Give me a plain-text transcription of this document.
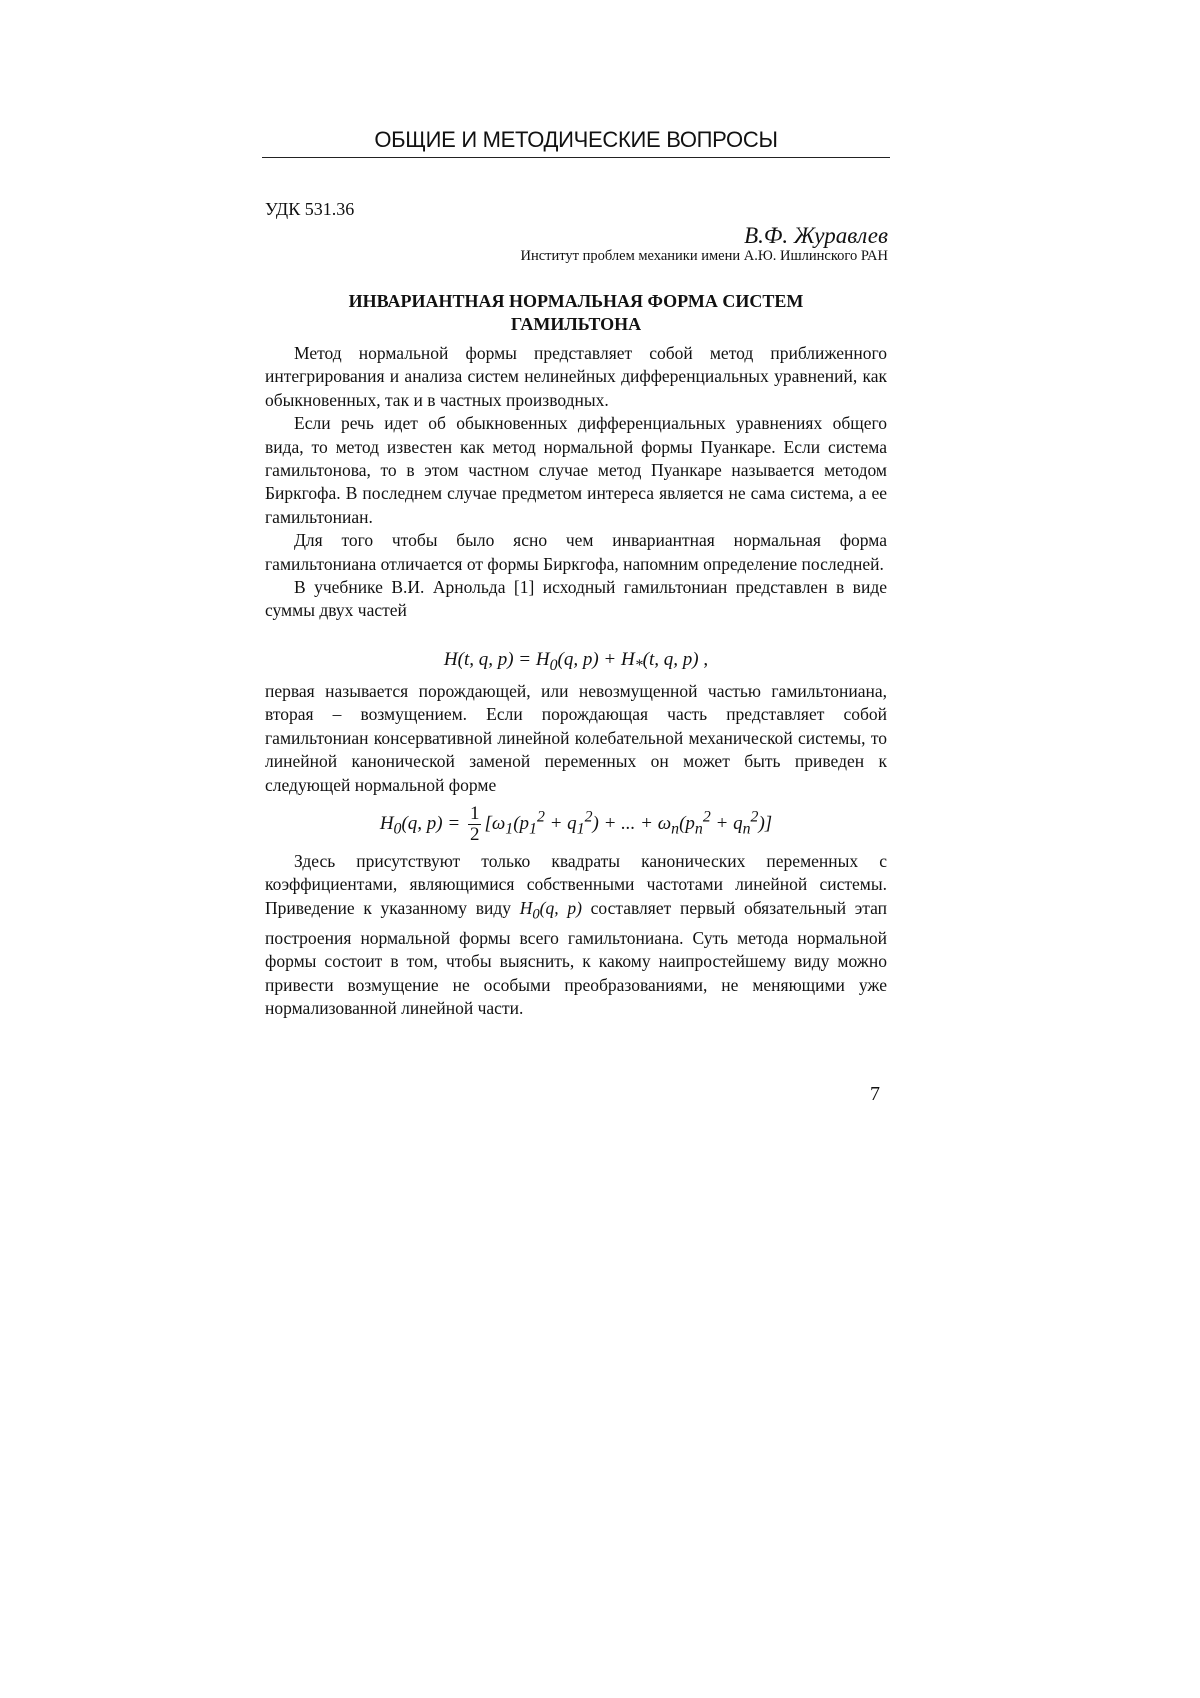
ОБЩИЕ И МЕТОДИЧЕСКИЕ ВОПРОСЫ
УДК 531.36
В.Ф. Журавлев
Институт проблем механики имени А.Ю. Ишлинского РАН
ИНВАРИАНТНАЯ НОРМАЛЬНАЯ ФОРМА СИСТЕМ
ГАМИЛЬТОНА

Метод нормальной формы представляет собой метод приближенного интегрирования и анализа систем нелинейных дифференциальных уравнений, как обыкновенных, так и в частных производных.

Если речь идет об обыкновенных дифференциальных уравнениях общего вида, то метод известен как метод нормальной формы Пуанкаре. Если система гамильтонова, то в этом частном случае метод Пуанкаре называется методом Биркгофа. В последнем случае предметом интереса является не сама система, а ее гамильтониан.

Для того чтобы было ясно чем инвариантная нормальная форма гамильтониана отличается от формы Биркгофа, напомним определение последней.

В учебнике В.И. Арнольда [1] исходный гамильтониан представлен в виде суммы двух частей

H(t, q, $p) = H_0(q$, $p) + H_*(t$, q, p) ,

первая называется порождающей, или невозмущенной частью гамильтониана, вторая – возмущением. Если порождающая часть представляет собой гамильтониан консервативной линейной колебательной механической системы, то линейной канонической заменой переменных он может быть приведен к следующей нормальной форме

$H_0(q$, $p) = \frac{1}{2} [\omega_1(p_1^2 + q_1^2)$ + ... + $\omega_n(p_n^2 + q_n^2)$]

Здесь присутствуют только квадраты канонических переменных с коэффициентами, являющимися собственными частотами линейной системы. Приведение к указанному виду $H_0(q$, p) составляет первый обязательный этап построения нормальной формы всего гамильтониана. Суть метода нормальной формы состоит в том, чтобы выяснить, к какому наипростейшему виду можно привести возмущение не особыми преобразованиями, не меняющими уже нормализованной линейной части.

7
